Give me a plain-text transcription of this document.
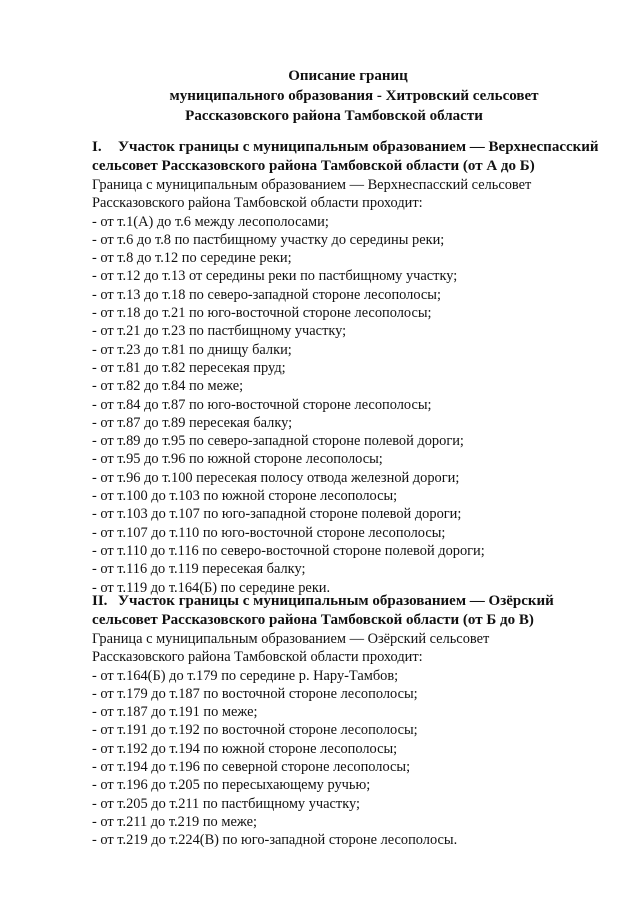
Описание границ
муниципального образования - Хитровский сельсовет
Рассказовского района Тамбовской области
I. Участок границы с муниципальным образованием — Верхнеспасский
сельсовет Рассказовского района Тамбовской области (от А до Б)
Граница с муниципальным образованием — Верхнеспасский сельсовет
Рассказовского района Тамбовской области проходит:
- от т.1(А) до т.6 между лесополосами;
- от т.6 до т.8 по пастбищному участку до середины реки;
- от т.8 до т.12 по середине реки;
- от т.12 до т.13 от середины реки по пастбищному участку;
- от т.13 до т.18 по северо-западной стороне лесополосы;
- от т.18 до т.21 по юго-восточной стороне лесополосы;
- от т.21 до т.23 по пастбищному участку;
- от т.23 до т.81 по днищу балки;
- от т.81 до т.82 пересекая пруд;
- от т.82 до т.84 по меже;
- от т.84 до т.87 по юго-восточной стороне лесополосы;
- от т.87 до т.89 пересекая балку;
- от т.89 до т.95 по северо-западной стороне полевой дороги;
- от т.95 до т.96 по южной стороне лесополосы;
- от т.96 до т.100 пересекая полосу отвода железной дороги;
- от т.100 до т.103 по южной стороне лесополосы;
- от т.103 до т.107 по юго-западной стороне полевой дороги;
- от т.107 до т.110 по юго-восточной стороне лесополосы;
- от т.110 до т.116 по северо-восточной стороне полевой дороги;
- от т.116 до т.119 пересекая балку;
- от т.119 до т.164(Б) по середине реки.
II. Участок границы с муниципальным образованием — Озёрский
сельсовет Рассказовского района Тамбовской области (от Б до В)
Граница с муниципальным образованием — Озёрский сельсовет
Рассказовского района Тамбовской области проходит:
- от т.164(Б) до т.179 по середине р. Нару-Тамбов;
- от т.179 до т.187 по восточной стороне лесополосы;
- от т.187 до т.191 по меже;
- от т.191 до т.192 по восточной стороне лесополосы;
- от т.192 до т.194 по южной стороне лесополосы;
- от т.194 до т.196 по северной стороне лесополосы;
- от т.196 до т.205 по пересыхающему ручью;
- от т.205 до т.211 по пастбищному участку;
- от т.211 до т.219 по меже;
- от т.219 до т.224(В) по юго-западной стороне лесополосы.
